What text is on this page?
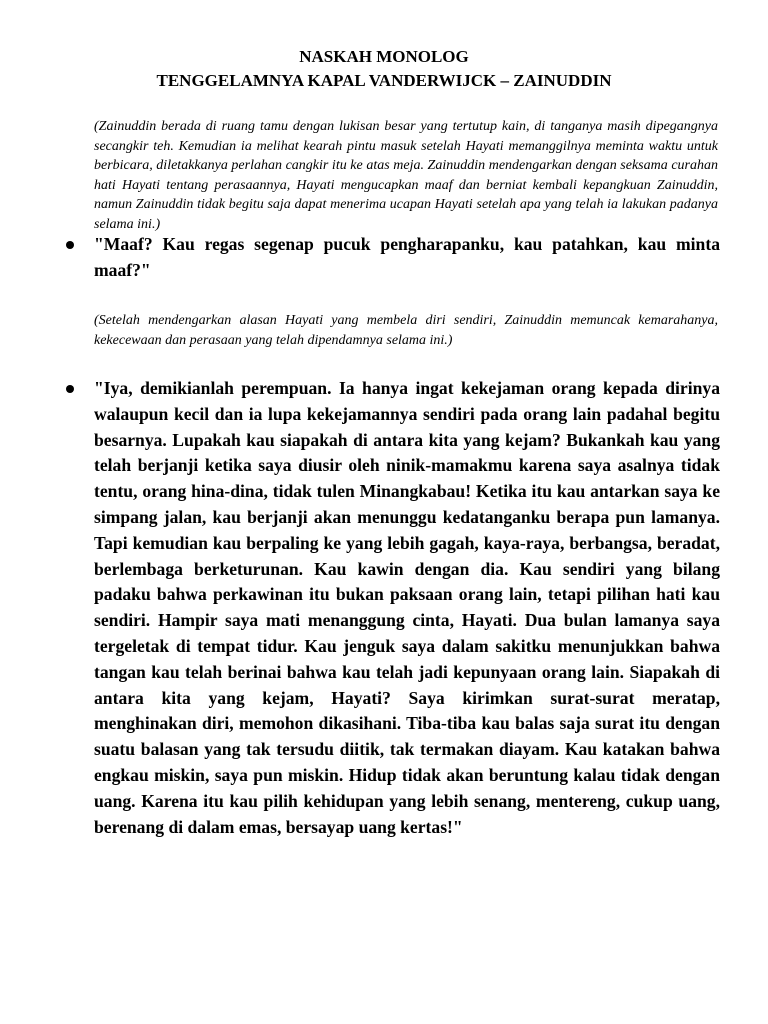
NASKAH MONOLOG
TENGGELAMNYA KAPAL VANDERWIJCK – ZAINUDDIN

(Zainuddin berada di ruang tamu dengan lukisan besar yang tertutup kain, di tanganya masih dipegangnya secangkir teh. Kemudian ia melihat kearah pintu masuk setelah Hayati memanggilnya meminta waktu untuk berbicara, diletakkanya perlahan cangkir itu ke atas meja. Zainuddin mendengarkan dengan seksama curahan hati Hayati tentang perasaannya, Hayati mengucapkan maaf dan berniat kembali kepangkuan Zainuddin, namun Zainuddin tidak begitu saja dapat menerima ucapan Hayati setelah apa yang telah ia lakukan padanya selama ini.)

"Maaf? Kau regas segenap pucuk pengharapanku, kau patahkan, kau minta maaf?"

(Setelah mendengarkan alasan Hayati yang membela diri sendiri, Zainuddin memuncak kemarahanya, kekecewaan dan perasaan yang telah dipendamnya selama ini.)

"Iya, demikianlah perempuan. Ia hanya ingat kekejaman orang kepada dirinya walaupun kecil dan ia lupa kekejamannya sendiri pada orang lain padahal begitu besarnya. Lupakah kau siapakah di antara kita yang kejam? Bukankah kau yang telah berjanji ketika saya diusir oleh ninik-mamakmu karena saya asalnya tidak tentu, orang hina-dina, tidak tulen Minangkabau! Ketika itu kau antarkan saya ke simpang jalan, kau berjanji akan menunggu kedatanganku berapa pun lamanya. Tapi kemudian kau berpaling ke yang lebih gagah, kaya-raya, berbangsa, beradat, berlembaga berketurunan. Kau kawin dengan dia. Kau sendiri yang bilang padaku bahwa perkawinan itu bukan paksaan orang lain, tetapi pilihan hati kau sendiri. Hampir saya mati menanggung cinta, Hayati. Dua bulan lamanya saya tergeletak di tempat tidur. Kau jenguk saya dalam sakitku menunjukkan bahwa tangan kau telah berinai bahwa kau telah jadi kepunyaan orang lain. Siapakah di antara kita yang kejam, Hayati? Saya kirimkan surat-surat meratap, menghinakan diri, memohon dikasihani. Tiba-tiba kau balas saja surat itu dengan suatu balasan yang tak tersudu diitik, tak termakan diayam. Kau katakan bahwa engkau miskin, saya pun miskin. Hidup tidak akan beruntung kalau tidak dengan uang. Karena itu kau pilih kehidupan yang lebih senang, mentereng, cukup uang, berenang di dalam emas, bersayap uang kertas!"
